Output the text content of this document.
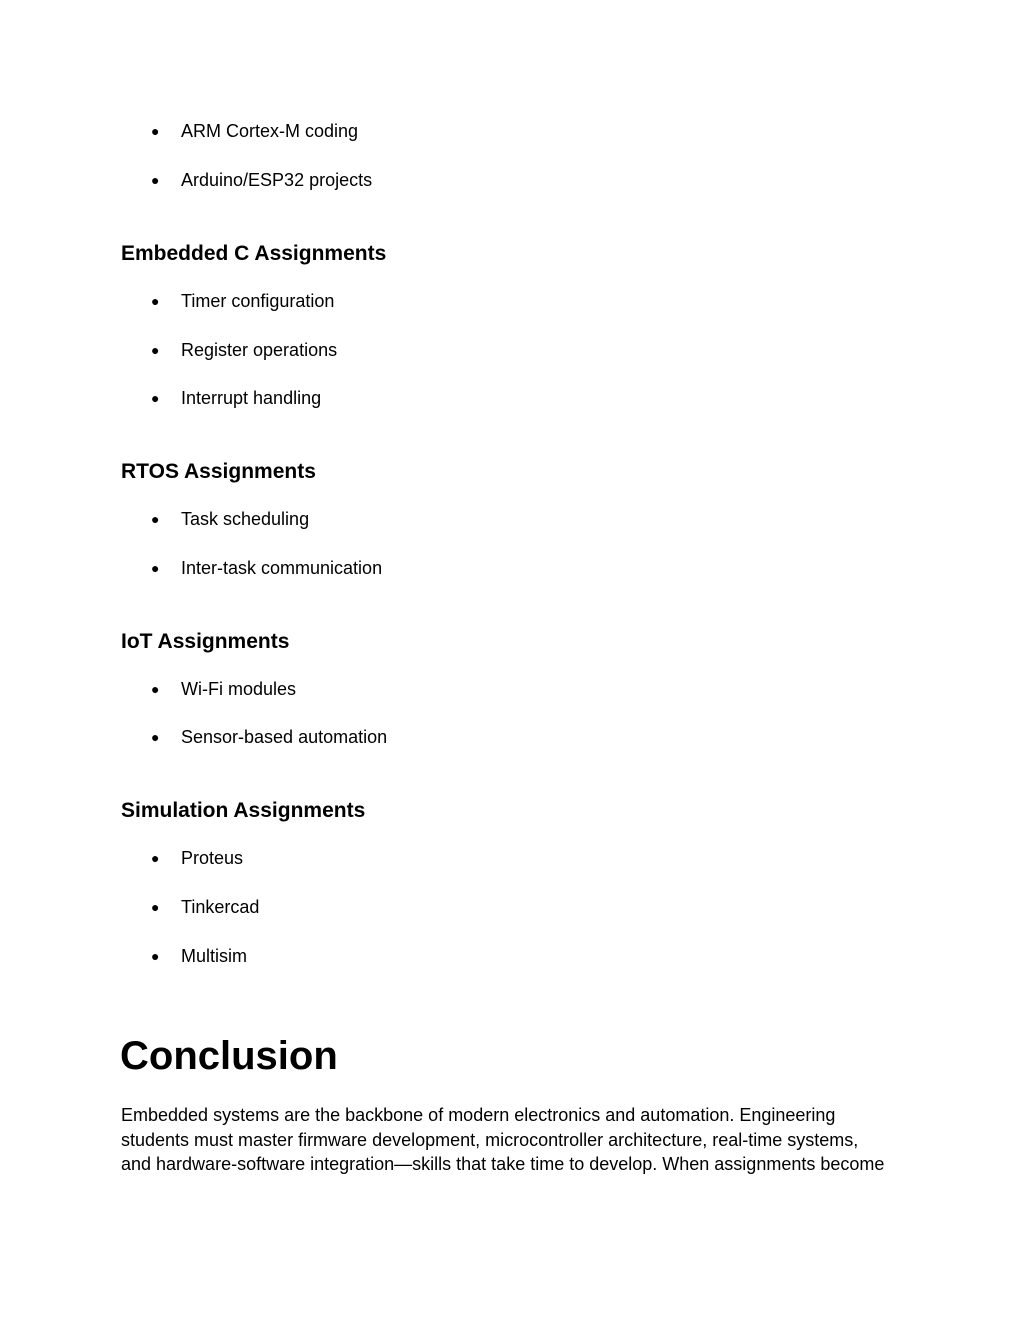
● ARM Cortex-M coding
● Arduino/ESP32 projects
Embedded C Assignments
● Timer configuration
● Register operations
● Interrupt handling
RTOS Assignments
● Task scheduling
● Inter-task communication
IoT Assignments
● Wi-Fi modules
● Sensor-based automation
Simulation Assignments
● Proteus
● Tinkercad
● Multisim
Conclusion
Embedded systems are the backbone of modern electronics and automation. Engineering
students must master firmware development, microcontroller architecture, real-time systems,
and hardware-software integration—skills that take time to develop. When assignments become
